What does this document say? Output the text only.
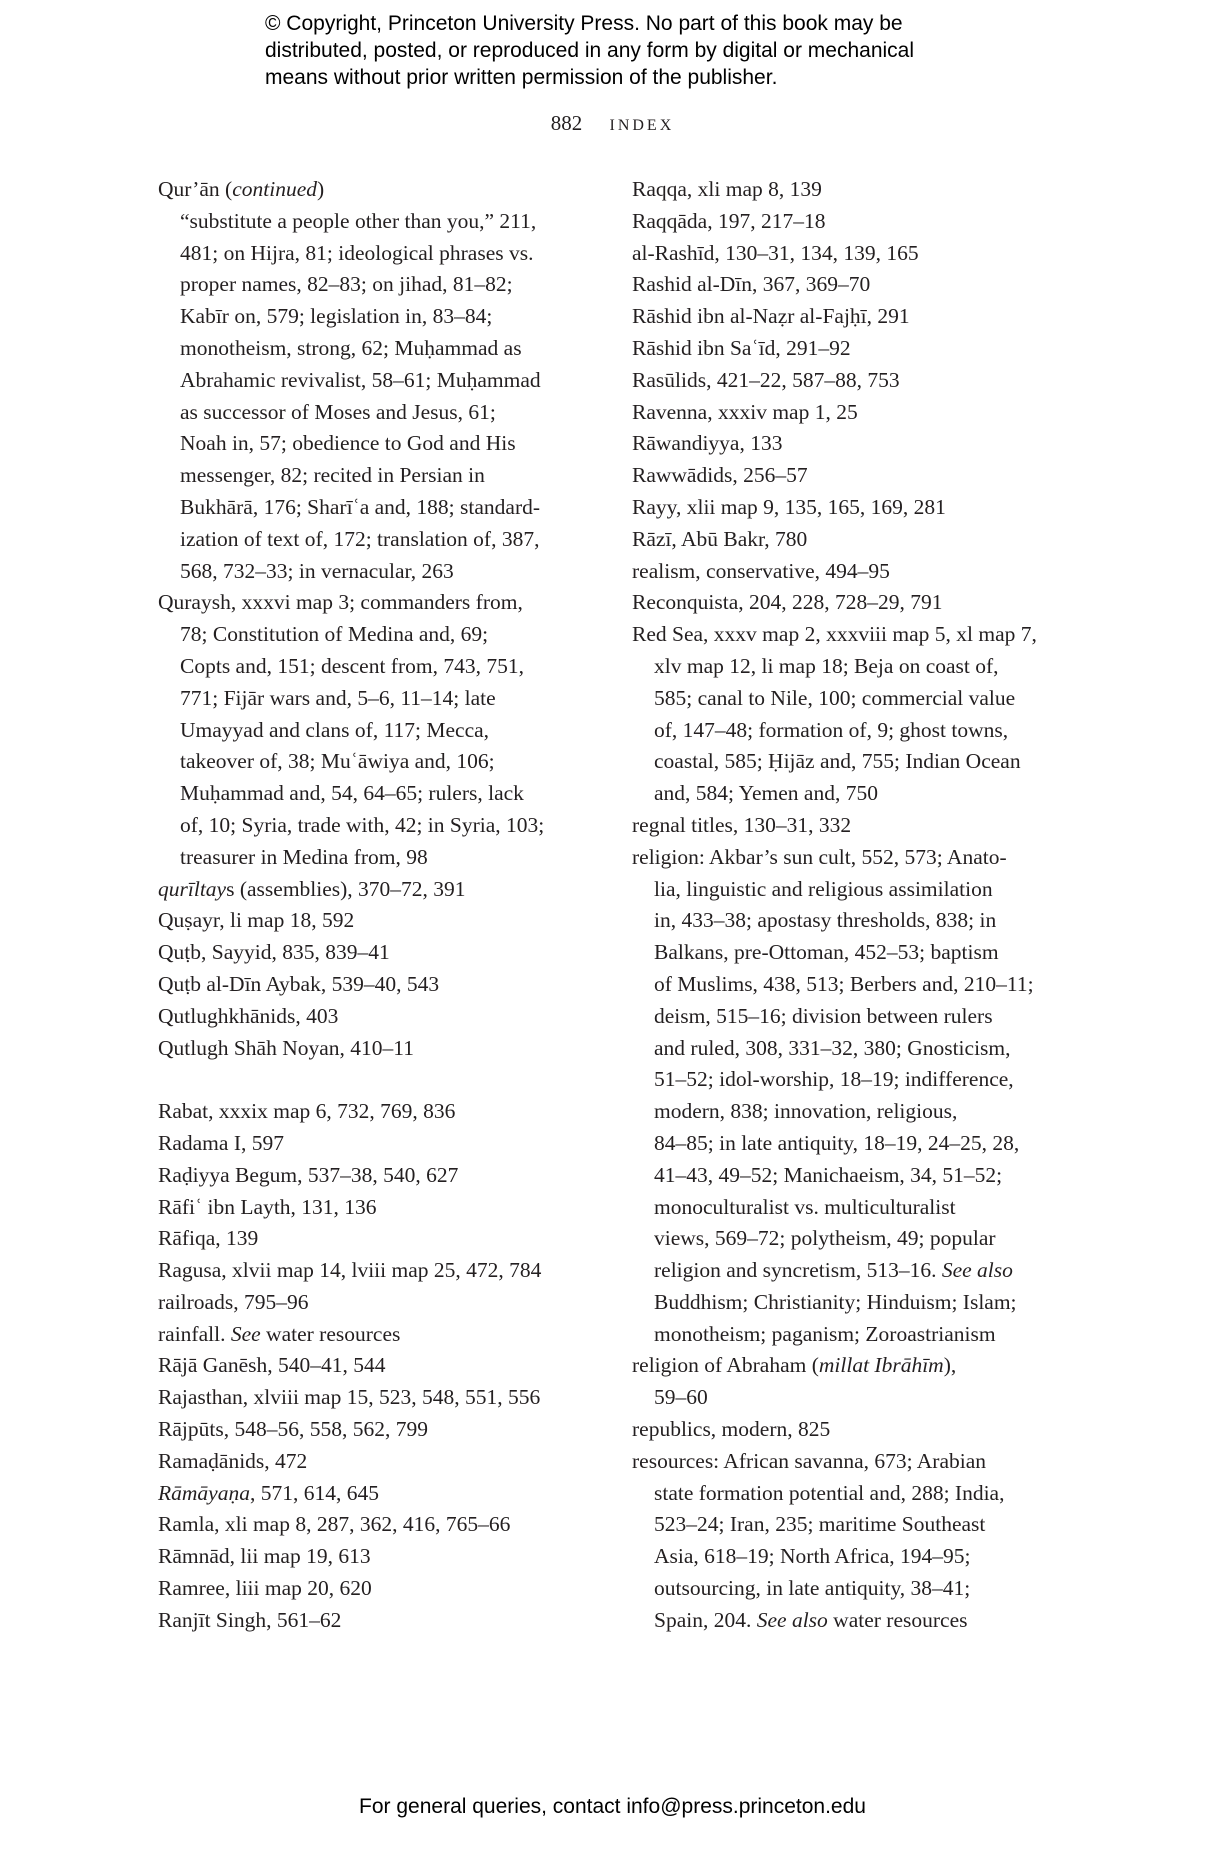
© Copyright, Princeton University Press. No part of this book may be
distributed, posted, or reproduced in any form by digital or mechanical
means without prior written permission of the publisher.
882 index
Qur’ān (continued)
“substitute a people other than you,” 211,
481; on Hijra, 81; ideological phrases vs.
proper names, 82–83; on jihad, 81–82;
Kabīr on, 579; legislation in, 83–84;
monotheism, strong, 62; Muḥammad as
Abrahamic revivalist, 58–61; Muḥammad
as successor of Moses and Jesus, 61;
Noah in, 57; obedience to God and His
messenger, 82; recited in Persian in
Bukhārā, 176; Sharīʿa and, 188; standard-
ization of text of, 172; translation of, 387,
568, 732–33; in vernacular, 263
Quraysh, xxxvi map 3; commanders from,
78; Constitution of Medina and, 69;
Copts and, 151; descent from, 743, 751,
771; Fijār wars and, 5–6, 11–14; late
Umayyad and clans of, 117; Mecca,
takeover of, 38; Muʿāwiya and, 106;
Muḥammad and, 54, 64–65; rulers, lack
of, 10; Syria, trade with, 42; in Syria, 103;
treasurer in Medina from, 98
qurīltays (assemblies), 370–72, 391
Quṣayr, li map 18, 592
Quṭb, Sayyid, 835, 839–41
Quṭb al-Dīn Aybak, 539–40, 543
Qutlughkhānids, 403
Qutlugh Shāh Noyan, 410–11
Rabat, xxxix map 6, 732, 769, 836
Radama I, 597
Raḍiyya Begum, 537–38, 540, 627
Rāfiʿ ibn Layth, 131, 136
Rāfiqa, 139
Ragusa, xlvii map 14, lviii map 25, 472, 784
railroads, 795–96
rainfall. See water resources
Rājā Ganēsh, 540–41, 544
Rajasthan, xlviii map 15, 523, 548, 551, 556
Rājpūts, 548–56, 558, 562, 799
Ramaḍānids, 472
Rāmāyaṇa, 571, 614, 645
Ramla, xli map 8, 287, 362, 416, 765–66
Rāmnād, lii map 19, 613
Ramree, liii map 20, 620
Ranjīt Singh, 561–62
Raqqa, xli map 8, 139
Raqqāda, 197, 217–18
al-Rashīd, 130–31, 134, 139, 165
Rashid al-Dīn, 367, 369–70
Rāshid ibn al-Naẓr al-Fajḥī, 291
Rāshid ibn Saʿīd, 291–92
Rasūlids, 421–22, 587–88, 753
Ravenna, xxxiv map 1, 25
Rāwandiyya, 133
Rawwādids, 256–57
Rayy, xlii map 9, 135, 165, 169, 281
Rāzī, Abū Bakr, 780
realism, conservative, 494–95
Reconquista, 204, 228, 728–29, 791
Red Sea, xxxv map 2, xxxviii map 5, xl map 7,
xlv map 12, li map 18; Beja on coast of,
585; canal to Nile, 100; commercial value
of, 147–48; formation of, 9; ghost towns,
coastal, 585; Ḥijāz and, 755; Indian Ocean
and, 584; Yemen and, 750
regnal titles, 130–31, 332
religion: Akbar’s sun cult, 552, 573; Anato-
lia, linguistic and religious assimilation
in, 433–38; apostasy thresholds, 838; in
Balkans, pre-Ottoman, 452–53; baptism
of Muslims, 438, 513; Berbers and, 210–11;
deism, 515–16; division between rulers
and ruled, 308, 331–32, 380; Gnosticism,
51–52; idol-worship, 18–19; indifference,
modern, 838; innovation, religious,
84–85; in late antiquity, 18–19, 24–25, 28,
41–43, 49–52; Manichaeism, 34, 51–52;
monoculturalist vs. multiculturalist
views, 569–72; polytheism, 49; popular
religion and syncretism, 513–16. See also
Buddhism; Christianity; Hinduism; Islam;
monotheism; paganism; Zoroastrianism
religion of Abraham (millat Ibrāhīm),
59–60
republics, modern, 825
resources: African savanna, 673; Arabian
state formation potential and, 288; India,
523–24; Iran, 235; maritime Southeast
Asia, 618–19; North Africa, 194–95;
outsourcing, in late antiquity, 38–41;
Spain, 204. See also water resources
For general queries, contact info@press.princeton.edu
